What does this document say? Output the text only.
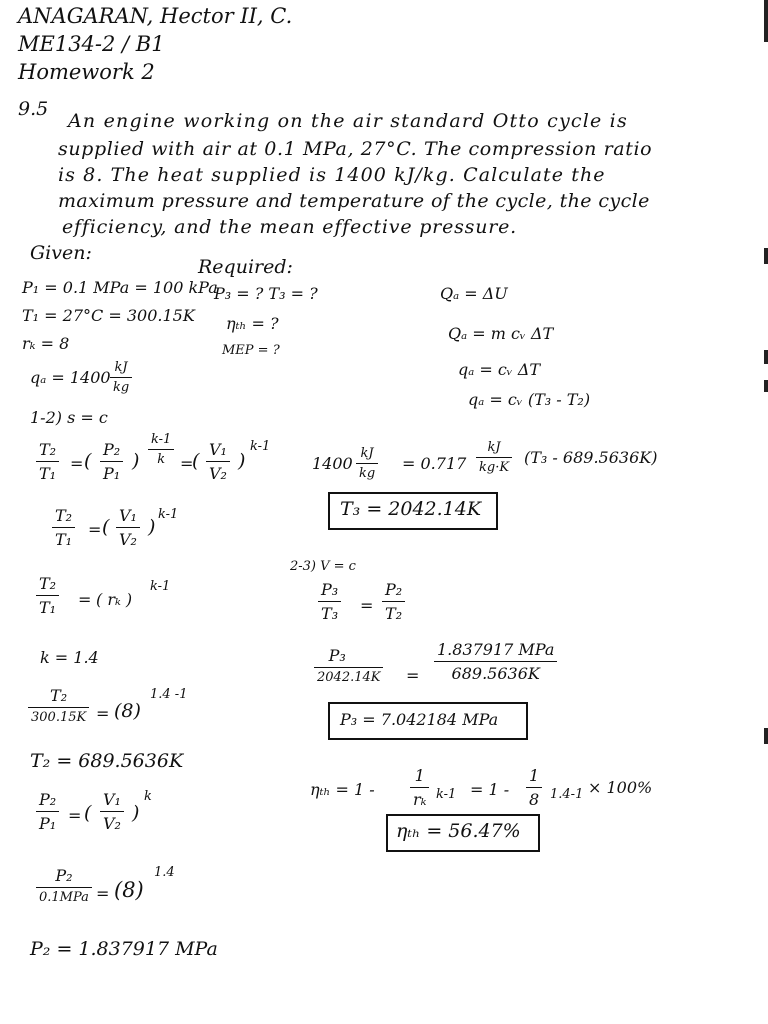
ANAGARAN, Hector II, C.
ME134-2 / B1
Homework 2
9.5
An engine working on the air standard Otto cycle is
supplied with air at 0.1 MPa, 27°C. The compression ratio
is 8. The heat supplied is 1400 kJ/kg. Calculate the
maximum pressure and temperature of the cycle, the cycle
efficiency, and the mean effective pressure.
Given:
Required:
P₁ = 0.1 MPa = 100 kPa
P₃ = ? T₃ = ?
T₁ = 27°C = 300.15K ηₜₕ = ?
rₖ = 8	MEP = ?
qₐ = 1400
kJ
kg
Qₐ = ΔU
Qₐ = m cᵥ ΔT
qₐ = cᵥ ΔT
qₐ = cᵥ (T₃ - T₂)
1-2) s = c
T₂
T₁
= (
P₂
P₁
)
k-1
k =
(
V₁
V₂
)
k-1
T₂
T₁
= (
V₁
V₂
)
k-1
T₂
T₁ = ( rₖ )
k-1
k = 1.4
T₂
300.15K = (8)
1.4 -1
T₂ = 689.5636K
P₂
P₁ = (
V₁
V₂ )
k
P₂
0.1MPa = (8)
1.4
P₂ = 1.837917 MPa
1400
kJ
kg
= 0.717
kJ
kg·K
(T₃ - 689.5636K)
T₃ = 2042.14K
2-3) V = c
P₃
T₃ =
P₂
T₂
P₃
2042.14K =
1.837917 MPa
689.5636K
P₃ = 7.042184 MPa
ηₜₕ = 1 -
1
rₖ k-1 = 1 -
1
8 1.4-1 × 100%
ηₜₕ = 56.47%
